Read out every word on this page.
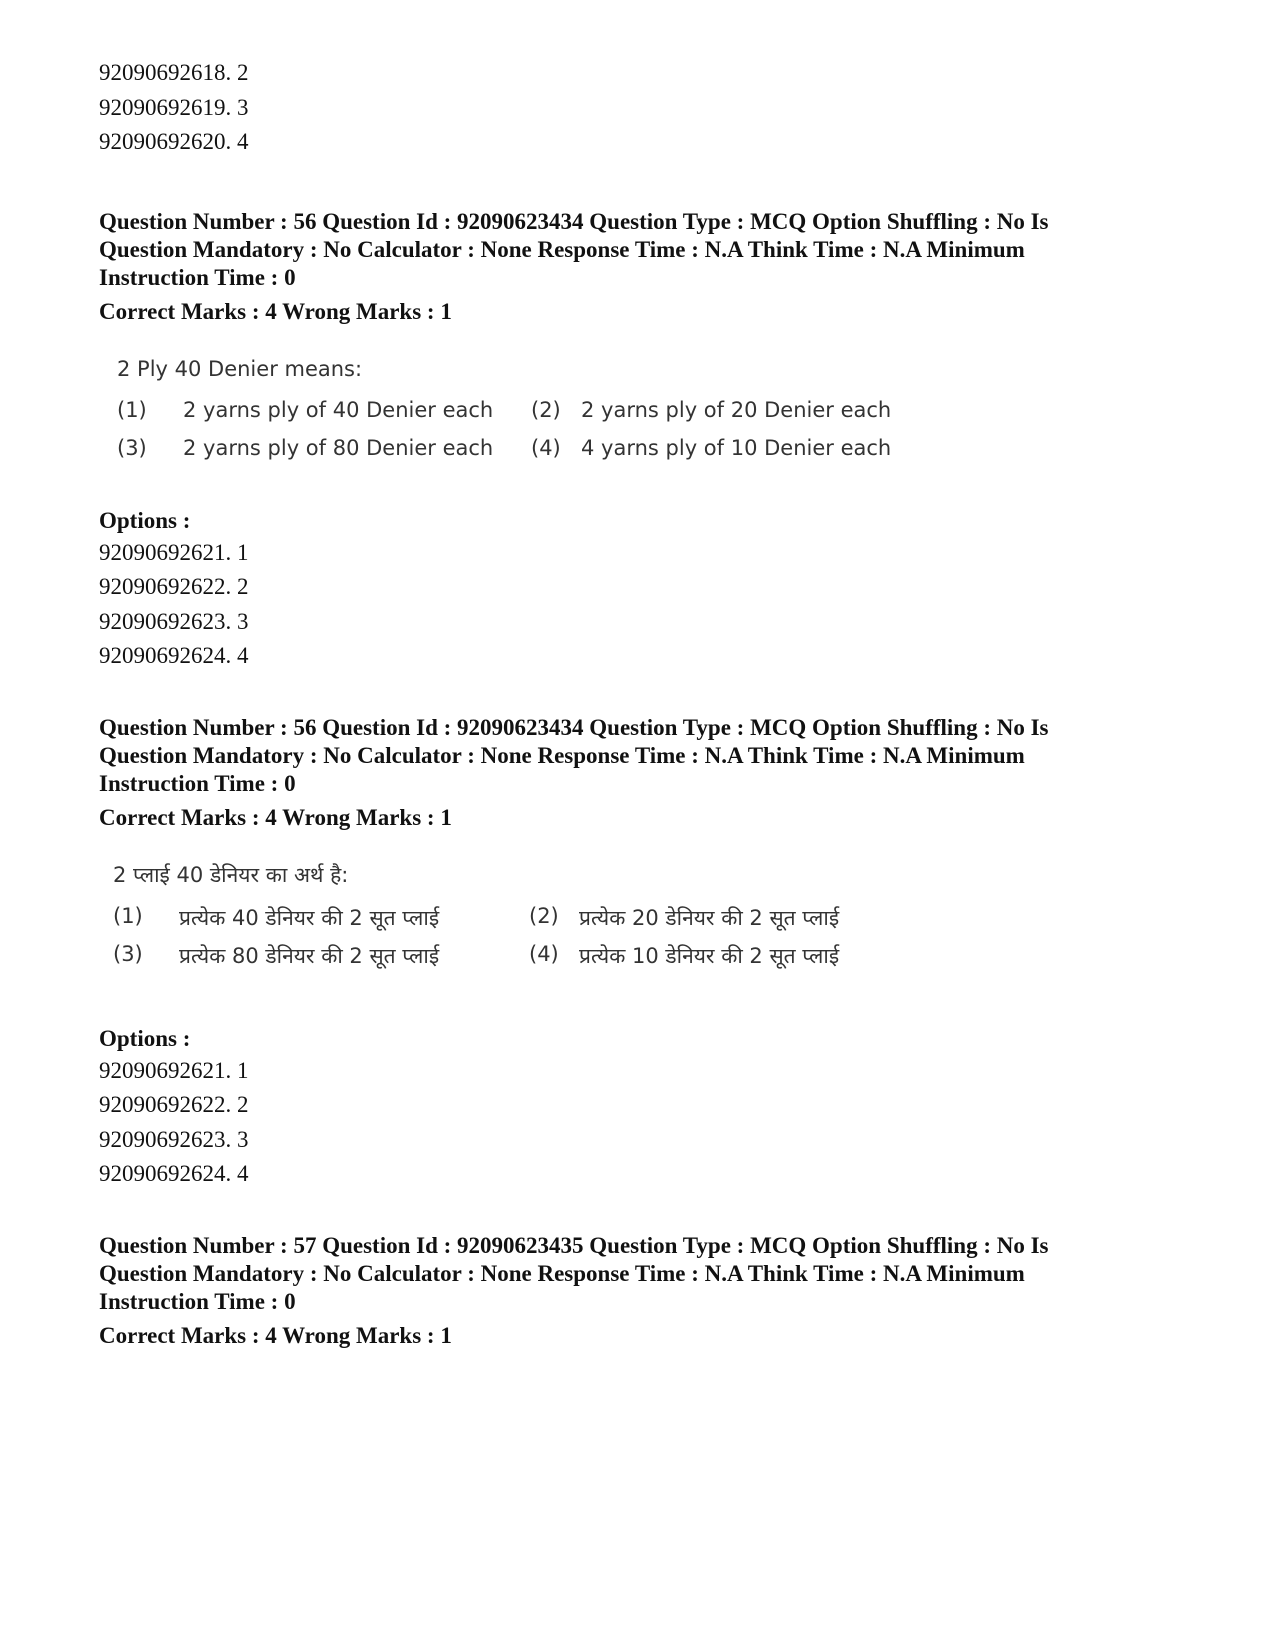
92090692618. 2

92090692619. 3

92090692620. 4

Question Number : 56 Question Id : 92090623434 Question Type : MCQ Option Shuffling : No Is

Question Mandatory : No Calculator : None Response Time : N.A Think Time : N.A Minimum

Instruction Time : 0

Correct Marks : 4 Wrong Marks : 1

2 Ply 40 Denier means:

(1)	2 yarns ply of 40 Denier each (2) 2 yarns ply of 20 Denier each
(3)	2 yarns ply of 80 Denier each (4) 4 yarns ply of 10 Denier each

Options :

92090692621. 1

92090692622. 2

92090692623. 3

92090692624. 4

Question Number : 56 Question Id : 92090623434 Question Type : MCQ Option Shuffling : No Is

Question Mandatory : No Calculator : None Response Time : N.A Think Time : N.A Minimum

Instruction Time : 0

Correct Marks : 4 Wrong Marks : 1

2 प्लाई 40 डेनियर का अर्थ है:

(1)	प्रत्येक 40 डेनियर की 2 सूत प्लाई	(2) प्रत्येक 20 डेनियर की 2 सूत प्लाई
(3)	प्रत्येक 80 डेनियर की 2 सूत प्लाई	(4) प्रत्येक 10 डेनियर की 2 सूत प्लाई

Options :

92090692621. 1

92090692622. 2

92090692623. 3

92090692624. 4

Question Number : 57 Question Id : 92090623435 Question Type : MCQ Option Shuffling : No Is

Question Mandatory : No Calculator : None Response Time : N.A Think Time : N.A Minimum

Instruction Time : 0

Correct Marks : 4 Wrong Marks : 1
